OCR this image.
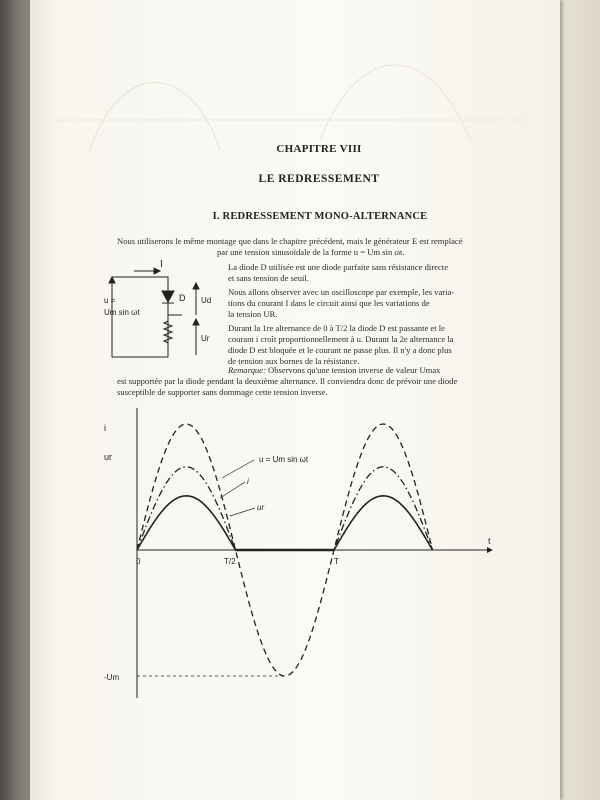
CHAPITRE VIII
LE REDRESSEMENT
I. REDRESSEMENT MONO-ALTERNANCE

Nous utiliserons le même montage que dans le chapitre précédent, mais le générateur E est remplacé
par une tension sinusoïdale de la forme u = Um sin ωt.

La diode D utilisée est une diode parfaite sans résistance directe
et sans tension de seuil.

Nous allons observer avec un oscilloscope par exemple, les varia-
tions du courant I dans le circuit ainsi que les variations de
la tension UR.

Durant la 1re alternance de 0 à T/2 la diode D est passante et le
courant i croît proportionnellement à u. Durant la 2e alternance la
diode D est bloquée et le courant ne passe plus. Il n'y a donc plus
de tension aux bornes de la résistance.

Remarque: Observons qu'une tension inverse de valeur Umax
est supportée par la diode pendant la deuxième alternance. Il conviendra donc de prévoir une diode
susceptible de supporter sans dommage cette tension inverse.

I
D
u =
Um sin ωt
Ud
Ur
i
ur
t
0	T/2	T
-Um
u = Um sin ωt
i
ur
